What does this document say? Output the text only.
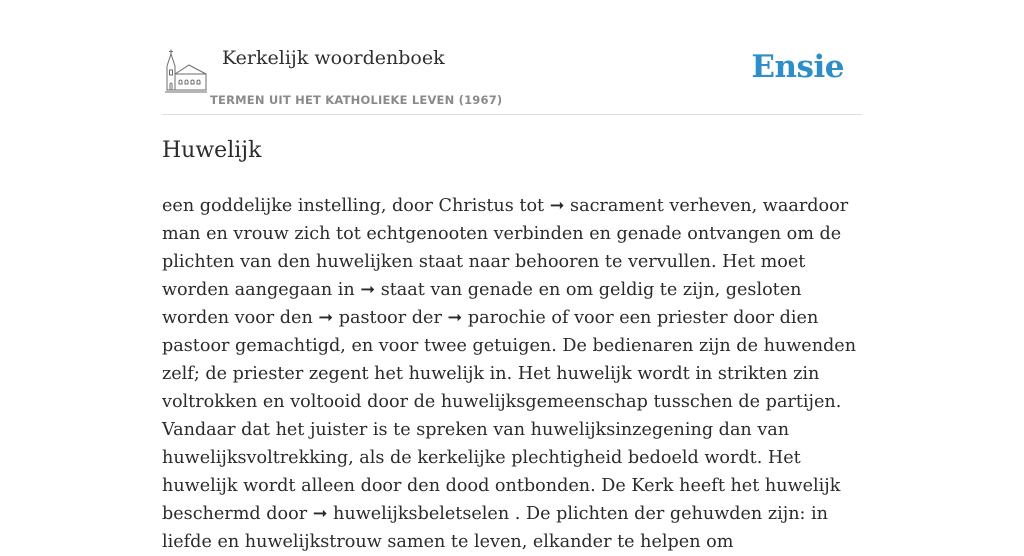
Kerkelijk woordenboek
TERMEN UIT HET KATHOLIEKE LEVEN (1967)
Ensie
Huwelijk

een goddelijke instelling, door Christus tot ➞ sacrament verheven, waardoor man en vrouw zich tot echtgenooten verbinden en genade ontvangen om de plichten van den huwelijken staat naar behooren te vervullen. Het moet worden aangegaan in ➞ staat van genade en om geldig te zijn, gesloten worden voor den ➞ pastoor der ➞ parochie of voor een priester door dien pastoor gemachtigd, en voor twee getuigen. De bedienaren zijn de huwenden zelf; de priester zegent het huwelijk in. Het huwelijk wordt in strikten zin voltrokken en voltooid door de huwelijksgemeenschap tusschen de partijen. Vandaar dat het juister is te spreken van huwelijksinzegening dan van huwelijksvoltrekking, als de kerkelijke plechtigheid bedoeld wordt. Het huwelijk wordt alleen door den dood ontbonden. De Kerk heeft het huwelijk beschermd door ➞ huwelijksbeletselen . De plichten der gehuwden zijn: in liefde en huwelijkstrouw samen te leven, elkander te helpen om
